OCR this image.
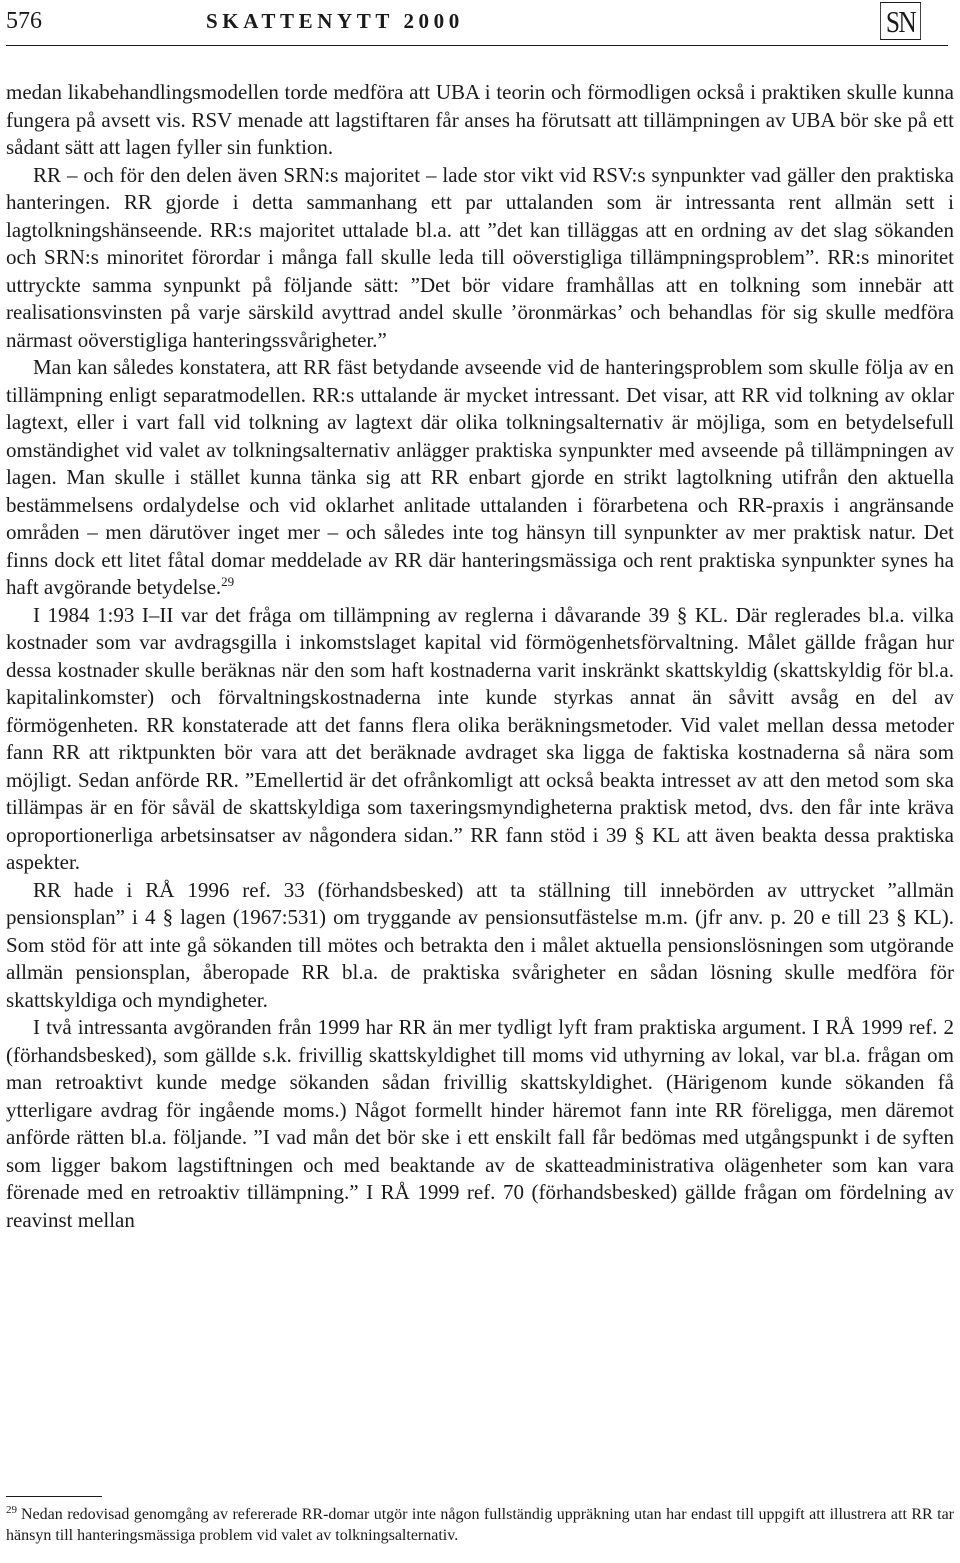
576	SKATTENYTT 2000	SN

medan likabehandlingsmodellen torde medföra att UBA i teorin och förmodligen också i praktiken skulle kunna fungera på avsett vis. RSV menade att lagstiftaren får anses ha förutsatt att tillämpningen av UBA bör ske på ett sådant sätt att lagen fyller sin funktion.

RR – och för den delen även SRN:s majoritet – lade stor vikt vid RSV:s synpunkter vad gäller den praktiska hanteringen. RR gjorde i detta sammanhang ett par uttalanden som är intressanta rent allmän sett i lagtolkningshänseende. RR:s majoritet uttalade bl.a. att ”det kan tilläggas att en ordning av det slag sökanden och SRN:s minoritet förordar i många fall skulle leda till oöverstigliga tillämpningsproblem”. RR:s minoritet uttryckte samma synpunkt på följande sätt: ”Det bör vidare framhållas att en tolkning som innebär att realisationsvinsten på varje särskild avyttrad andel skulle ’öronmärkas’ och behandlas för sig skulle medföra närmast oöverstigliga hanteringssvårigheter.”

Man kan således konstatera, att RR fäst betydande avseende vid de hanteringsproblem som skulle följa av en tillämpning enligt separatmodellen. RR:s uttalande är mycket intressant. Det visar, att RR vid tolkning av oklar lagtext, eller i vart fall vid tolkning av lagtext där olika tolkningsalternativ är möjliga, som en betydelsefull omständighet vid valet av tolkningsalternativ anlägger praktiska synpunkter med avseende på tillämpningen av lagen. Man skulle i stället kunna tänka sig att RR enbart gjorde en strikt lagtolkning utifrån den aktuella bestämmelsens ordalydelse och vid oklarhet anlitade uttalanden i förarbetena och RR-praxis i angränsande områden – men därutöver inget mer – och således inte tog hänsyn till synpunkter av mer praktisk natur. Det finns dock ett litet fåtal domar meddelade av RR där hanteringsmässiga och rent praktiska synpunkter synes ha haft avgörande betydelse.$^{29}$

I 1984 1:93 I–II var det fråga om tillämpning av reglerna i dåvarande 39 § KL. Där reglerades bl.a. vilka kostnader som var avdragsgilla i inkomstslaget kapital vid förmögenhetsförvaltning. Målet gällde frågan hur dessa kostnader skulle beräknas när den som haft kostnaderna varit inskränkt skattskyldig (skattskyldig för bl.a. kapitalinkomster) och förvaltningskostnaderna inte kunde styrkas annat än såvitt avsåg en del av förmögenheten. RR konstaterade att det fanns flera olika beräkningsmetoder. Vid valet mellan dessa metoder fann RR att riktpunkten bör vara att det beräknade avdraget ska ligga de faktiska kostnaderna så nära som möjligt. Sedan anförde RR. ”Emellertid är det ofrånkomligt att också beakta intresset av att den metod som ska tillämpas är en för såväl de skattskyldiga som taxeringsmyndigheterna praktisk metod, dvs. den får inte kräva oproportionerliga arbetsinsatser av någondera sidan.” RR fann stöd i 39 § KL att även beakta dessa praktiska aspekter.

RR hade i RÅ 1996 ref. 33 (förhandsbesked) att ta ställning till innebörden av uttrycket ”allmän pensionsplan” i 4 § lagen (1967:531) om tryggande av pensionsutfästelse m.m. (jfr anv. p. 20 e till 23 § KL). Som stöd för att inte gå sökanden till mötes och betrakta den i målet aktuella pensionslösningen som utgörande allmän pensionsplan, åberopade RR bl.a. de praktiska svårigheter en sådan lösning skulle medföra för skattskyldiga och myndigheter.

I två intressanta avgöranden från 1999 har RR än mer tydligt lyft fram praktiska argument. I RÅ 1999 ref. 2 (förhandsbesked), som gällde s.k. frivillig skattskyldighet till moms vid uthyrning av lokal, var bl.a. frågan om man retroaktivt kunde medge sökanden sådan frivillig skattskyldighet. (Härigenom kunde sökanden få ytterligare avdrag för ingående moms.) Något formellt hinder häremot fann inte RR föreligga, men däremot anförde rätten bl.a. följande. ”I vad mån det bör ske i ett enskilt fall får bedömas med utgångspunkt i de syften som ligger bakom lagstiftningen och med beaktande av de skatteadministrativa olägenheter som kan vara förenade med en retroaktiv tillämpning.” I RÅ 1999 ref. 70 (förhandsbesked) gällde frågan om fördelning av reavinst mellan

$^{29}$ Nedan redovisad genomgång av refererade RR-domar utgör inte någon fullständig uppräkning utan har endast till uppgift att illustrera att RR tar hänsyn till hanteringsmässiga problem vid valet av tolkningsalternativ.
